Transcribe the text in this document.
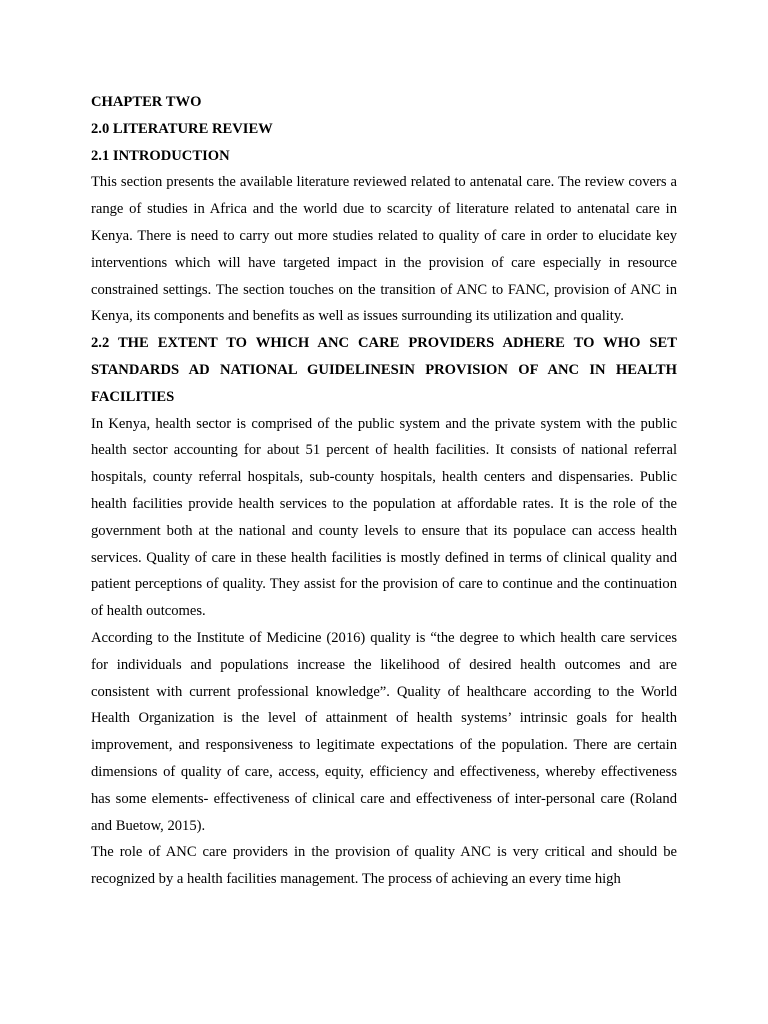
CHAPTER TWO

2.0 LITERATURE REVIEW

2.1 INTRODUCTION

This section presents the available literature reviewed related to antenatal care. The review covers a range of studies in Africa and the world due to scarcity of literature related to antenatal care in Kenya. There is need to carry out more studies related to quality of care in order to elucidate key interventions which will have targeted impact in the provision of care especially in resource constrained settings. The section touches on the transition of ANC to FANC, provision of ANC in Kenya, its components and benefits as well as issues surrounding its utilization and quality.

2.2 THE EXTENT TO WHICH ANC CARE PROVIDERS ADHERE TO WHO SET STANDARDS AD NATIONAL GUIDELINESIN PROVISION OF ANC IN HEALTH FACILITIES

In Kenya, health sector is comprised of the public system and the private system with the public health sector accounting for about 51 percent of health facilities. It consists of national referral hospitals, county referral hospitals, sub-county hospitals, health centers and dispensaries. Public health facilities provide health services to the population at affordable rates. It is the role of the government both at the national and county levels to ensure that its populace can access health services. Quality of care in these health facilities is mostly defined in terms of clinical quality and patient perceptions of quality. They assist for the provision of care to continue and the continuation of health outcomes.

According to the Institute of Medicine (2016) quality is “the degree to which health care services for individuals and populations increase the likelihood of desired health outcomes and are consistent with current professional knowledge”. Quality of healthcare according to the World Health Organization is the level of attainment of health systems’ intrinsic goals for health improvement, and responsiveness to legitimate expectations of the population. There are certain dimensions of quality of care, access, equity, efficiency and effectiveness, whereby effectiveness has some elements- effectiveness of clinical care and effectiveness of inter-personal care (Roland and Buetow, 2015).

The role of ANC care providers in the provision of quality ANC is very critical and should be recognized by a health facilities management. The process of achieving an every time high
